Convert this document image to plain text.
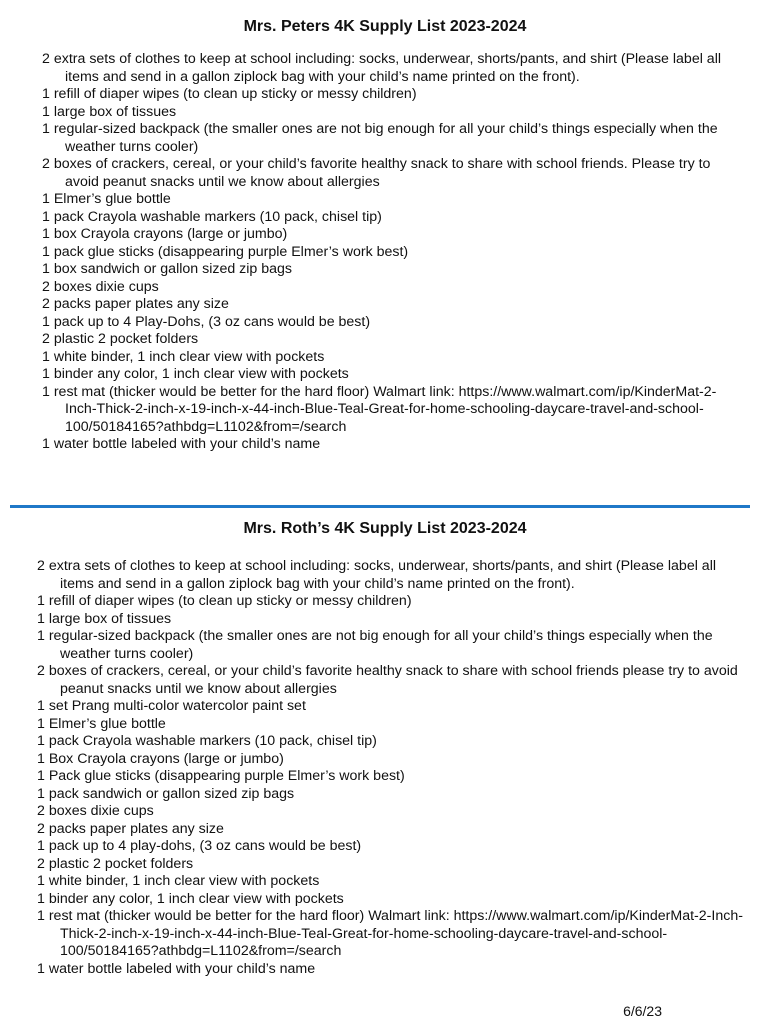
Mrs. Peters 4K Supply List 2023-2024
2 extra sets of clothes to keep at school including: socks, underwear, shorts/pants, and shirt (Please label all items and send in a gallon ziplock bag with your child’s name printed on the front).
1 refill of diaper wipes (to clean up sticky or messy children)
1 large box of tissues
1 regular-sized backpack (the smaller ones are not big enough for all your child’s things especially when the weather turns cooler)
2 boxes of crackers, cereal, or your child’s favorite healthy snack to share with school friends. Please try to avoid peanut snacks until we know about allergies
1 Elmer’s glue bottle
1 pack Crayola washable markers (10 pack, chisel tip)
1 box Crayola crayons (large or jumbo)
1 pack glue sticks (disappearing purple Elmer’s work best)
1 box sandwich or gallon sized zip bags
2 boxes dixie cups
2 packs paper plates any size
1 pack up to 4 Play-Dohs, (3 oz cans would be best)
2 plastic 2 pocket folders
1 white binder, 1 inch clear view with pockets
1 binder any color, 1 inch clear view with pockets
1 rest mat (thicker would be better for the hard floor) Walmart link: https://www.walmart.com/ip/KinderMat-2-Inch-Thick-2-inch-x-19-inch-x-44-inch-Blue-Teal-Great-for-home-schooling-daycare-travel-and-school-100/50184165?athbdg=L1102&from=/search
1 water bottle labeled with your child’s name
Mrs. Roth’s 4K Supply List 2023-2024
2 extra sets of clothes to keep at school including: socks, underwear, shorts/pants, and shirt (Please label all items and send in a gallon ziplock bag with your child’s name printed on the front).
1 refill of diaper wipes (to clean up sticky or messy children)
1 large box of tissues
1 regular-sized backpack (the smaller ones are not big enough for all your child’s things especially when the weather turns cooler)
2 boxes of crackers, cereal, or your child’s favorite healthy snack to share with school friends please try to avoid peanut snacks until we know about allergies
1 set Prang multi-color watercolor paint set
1 Elmer’s glue bottle
1 pack Crayola washable markers (10 pack, chisel tip)
1 Box Crayola crayons (large or jumbo)
1 Pack glue sticks (disappearing purple Elmer’s work best)
1 pack sandwich or gallon sized zip bags
2 boxes dixie cups
2 packs paper plates any size
1 pack up to 4 play-dohs, (3 oz cans would be best)
2 plastic 2 pocket folders
1 white binder, 1 inch clear view with pockets
1 binder any color, 1 inch clear view with pockets
1 rest mat (thicker would be better for the hard floor) Walmart link: https://www.walmart.com/ip/KinderMat-2-Inch-Thick-2-inch-x-19-inch-x-44-inch-Blue-Teal-Great-for-home-schooling-daycare-travel-and-school-100/50184165?athbdg=L1102&from=/search
1 water bottle labeled with your child’s name
6/6/23
